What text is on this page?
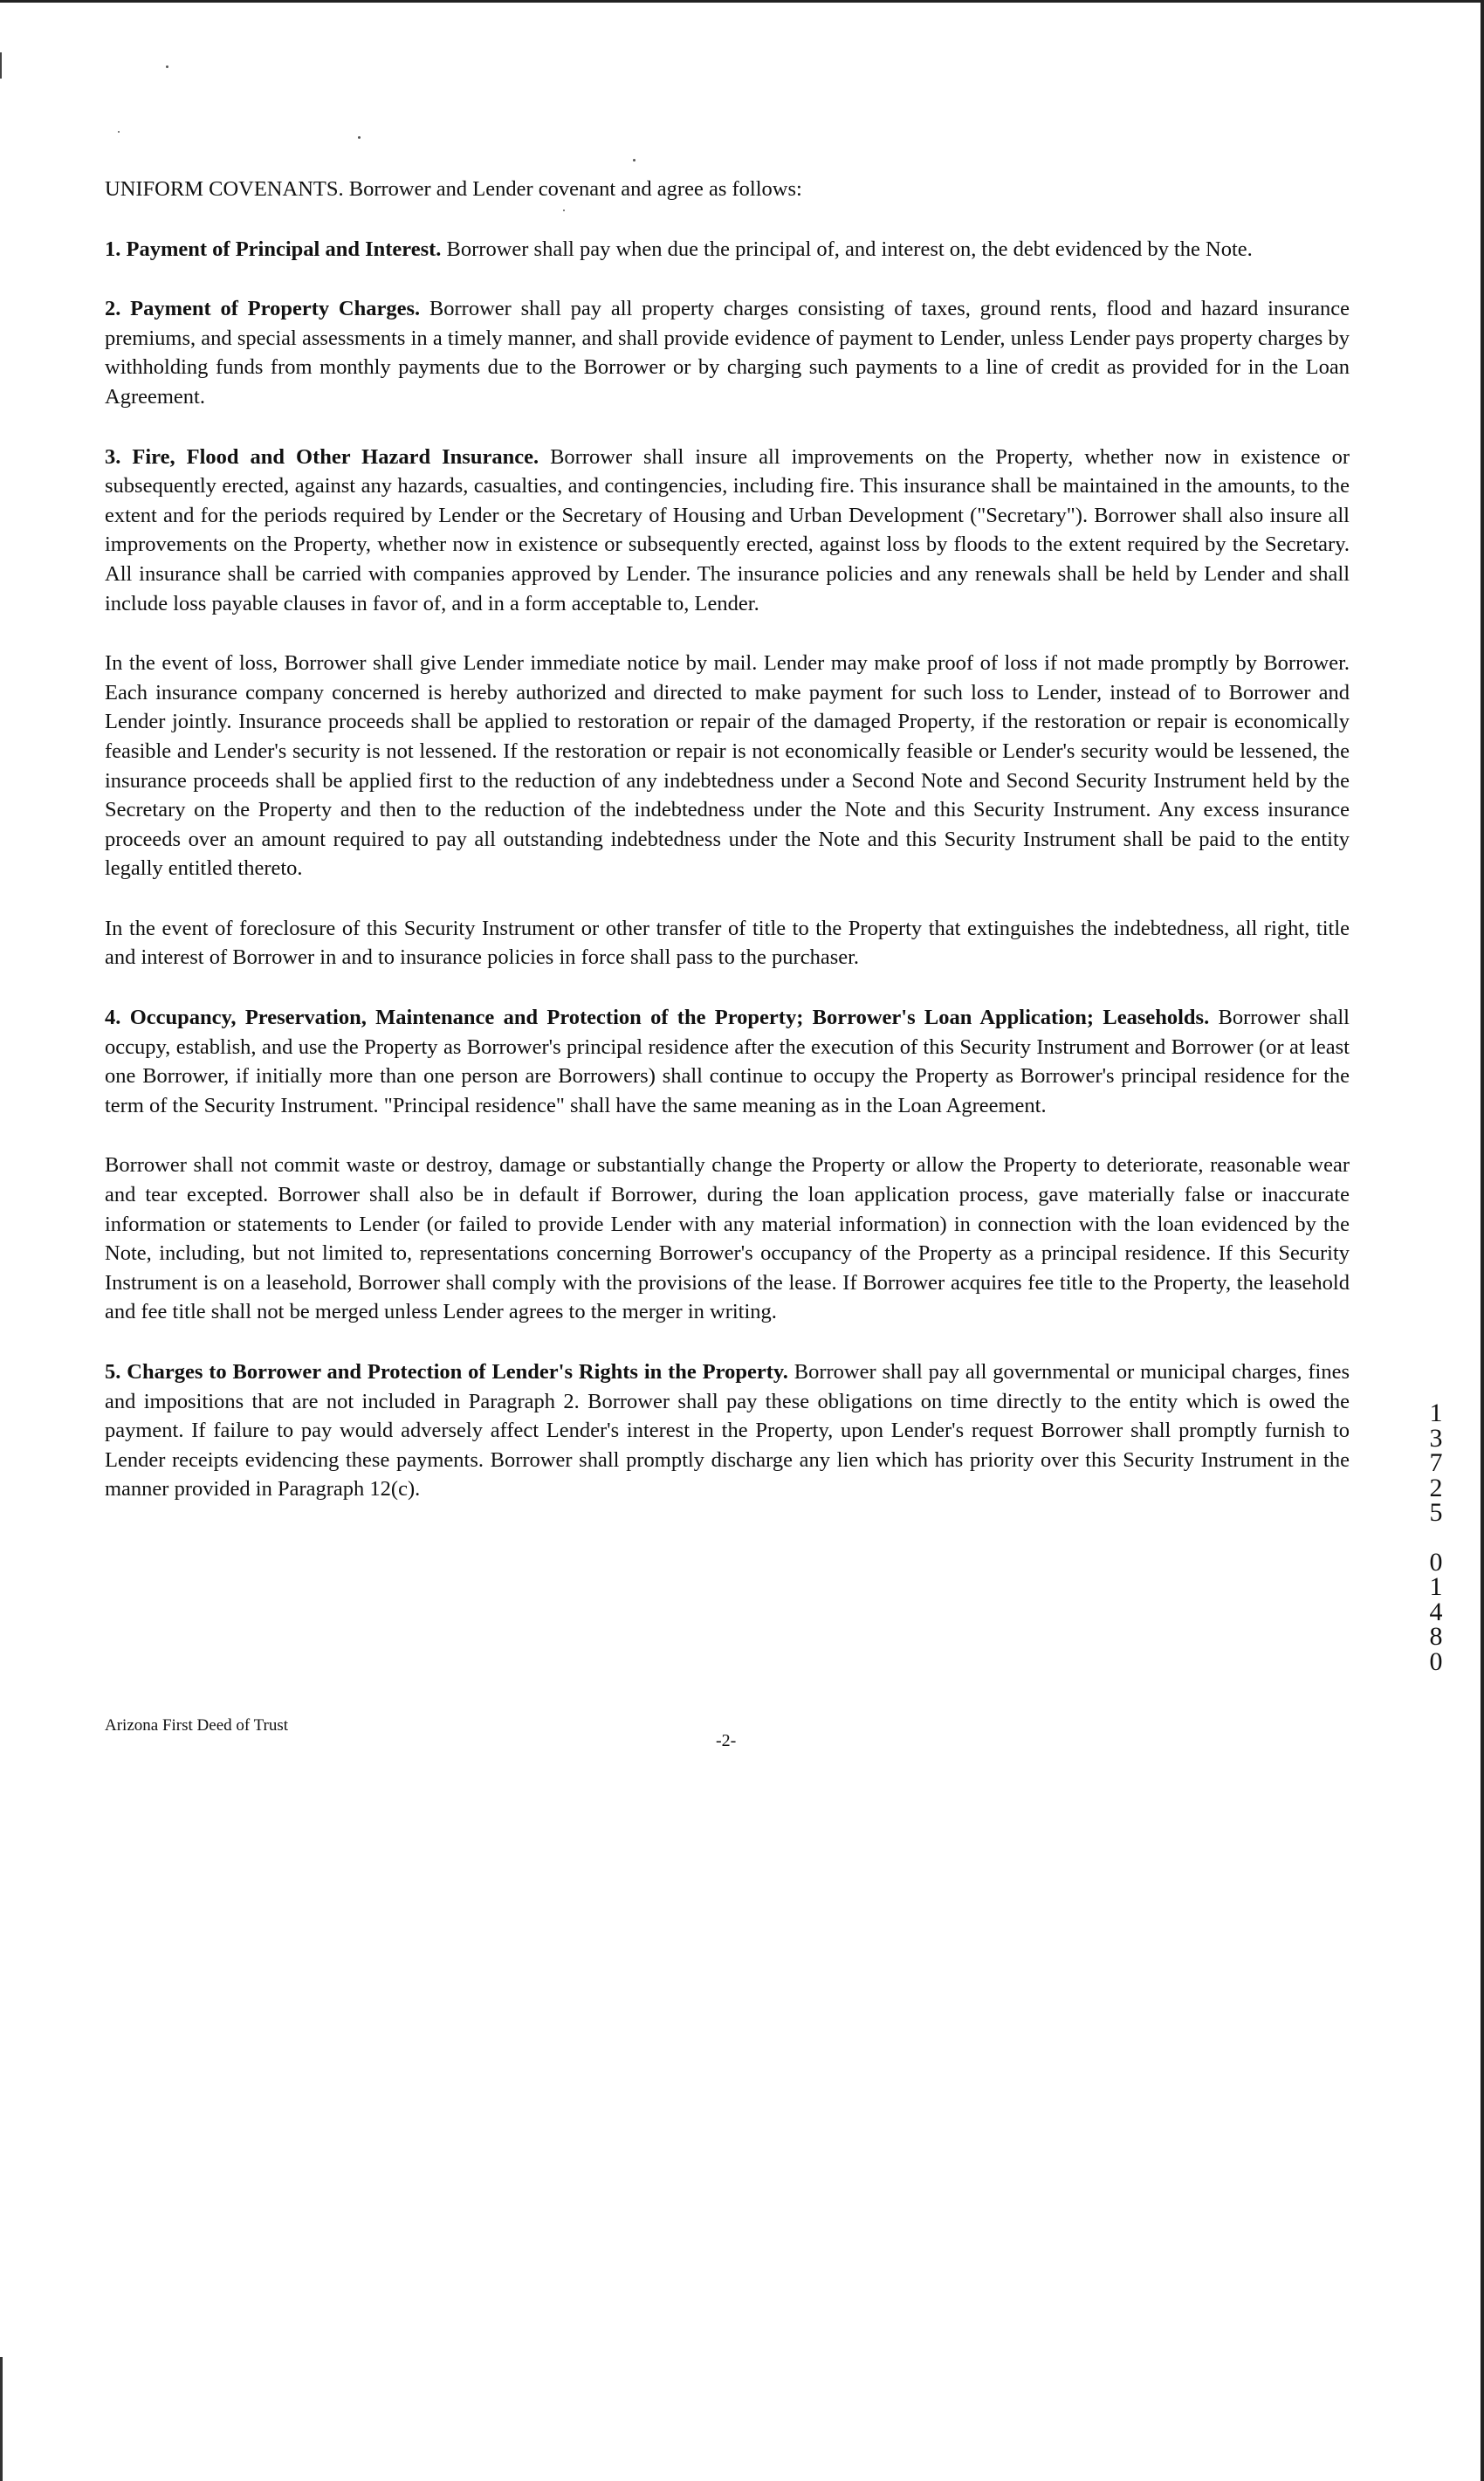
UNIFORM COVENANTS. Borrower and Lender covenant and agree as follows:

1. Payment of Principal and Interest. Borrower shall pay when due the principal of, and interest on, the debt evidenced by the Note.

2. Payment of Property Charges. Borrower shall pay all property charges consisting of taxes, ground rents, flood and hazard insurance premiums, and special assessments in a timely manner, and shall provide evidence of payment to Lender, unless Lender pays property charges by withholding funds from monthly payments due to the Borrower or by charging such payments to a line of credit as provided for in the Loan Agreement.

3. Fire, Flood and Other Hazard Insurance. Borrower shall insure all improvements on the Property, whether now in existence or subsequently erected, against any hazards, casualties, and contingencies, including fire. This insurance shall be maintained in the amounts, to the extent and for the periods required by Lender or the Secretary of Housing and Urban Development ("Secretary"). Borrower shall also insure all improvements on the Property, whether now in existence or subsequently erected, against loss by floods to the extent required by the Secretary. All insurance shall be carried with companies approved by Lender. The insurance policies and any renewals shall be held by Lender and shall include loss payable clauses in favor of, and in a form acceptable to, Lender.

In the event of loss, Borrower shall give Lender immediate notice by mail. Lender may make proof of loss if not made promptly by Borrower. Each insurance company concerned is hereby authorized and directed to make payment for such loss to Lender, instead of to Borrower and Lender jointly. Insurance proceeds shall be applied to restoration or repair of the damaged Property, if the restoration or repair is economically feasible and Lender's security is not lessened. If the restoration or repair is not economically feasible or Lender's security would be lessened, the insurance proceeds shall be applied first to the reduction of any indebtedness under a Second Note and Second Security Instrument held by the Secretary on the Property and then to the reduction of the indebtedness under the Note and this Security Instrument. Any excess insurance proceeds over an amount required to pay all outstanding indebtedness under the Note and this Security Instrument shall be paid to the entity legally entitled thereto.

In the event of foreclosure of this Security Instrument or other transfer of title to the Property that extinguishes the indebtedness, all right, title and interest of Borrower in and to insurance policies in force shall pass to the purchaser.

4. Occupancy, Preservation, Maintenance and Protection of the Property; Borrower's Loan Application; Leaseholds. Borrower shall occupy, establish, and use the Property as Borrower's principal residence after the execution of this Security Instrument and Borrower (or at least one Borrower, if initially more than one person are Borrowers) shall continue to occupy the Property as Borrower's principal residence for the term of the Security Instrument. "Principal residence" shall have the same meaning as in the Loan Agreement.

Borrower shall not commit waste or destroy, damage or substantially change the Property or allow the Property to deteriorate, reasonable wear and tear excepted. Borrower shall also be in default if Borrower, during the loan application process, gave materially false or inaccurate information or statements to Lender (or failed to provide Lender with any material information) in connection with the loan evidenced by the Note, including, but not limited to, representations concerning Borrower's occupancy of the Property as a principal residence. If this Security Instrument is on a leasehold, Borrower shall comply with the provisions of the lease. If Borrower acquires fee title to the Property, the leasehold and fee title shall not be merged unless Lender agrees to the merger in writing.

5. Charges to Borrower and Protection of Lender's Rights in the Property. Borrower shall pay all governmental or municipal charges, fines and impositions that are not included in Paragraph 2. Borrower shall pay these obligations on time directly to the entity which is owed the payment. If failure to pay would adversely affect Lender's interest in the Property, upon Lender's request Borrower shall promptly furnish to Lender receipts evidencing these payments. Borrower shall promptly discharge any lien which has priority over this Security Instrument in the manner provided in Paragraph 12(c).

1
3
7
2
5
0
1
4
8
0
Arizona First Deed of Trust
-2-
